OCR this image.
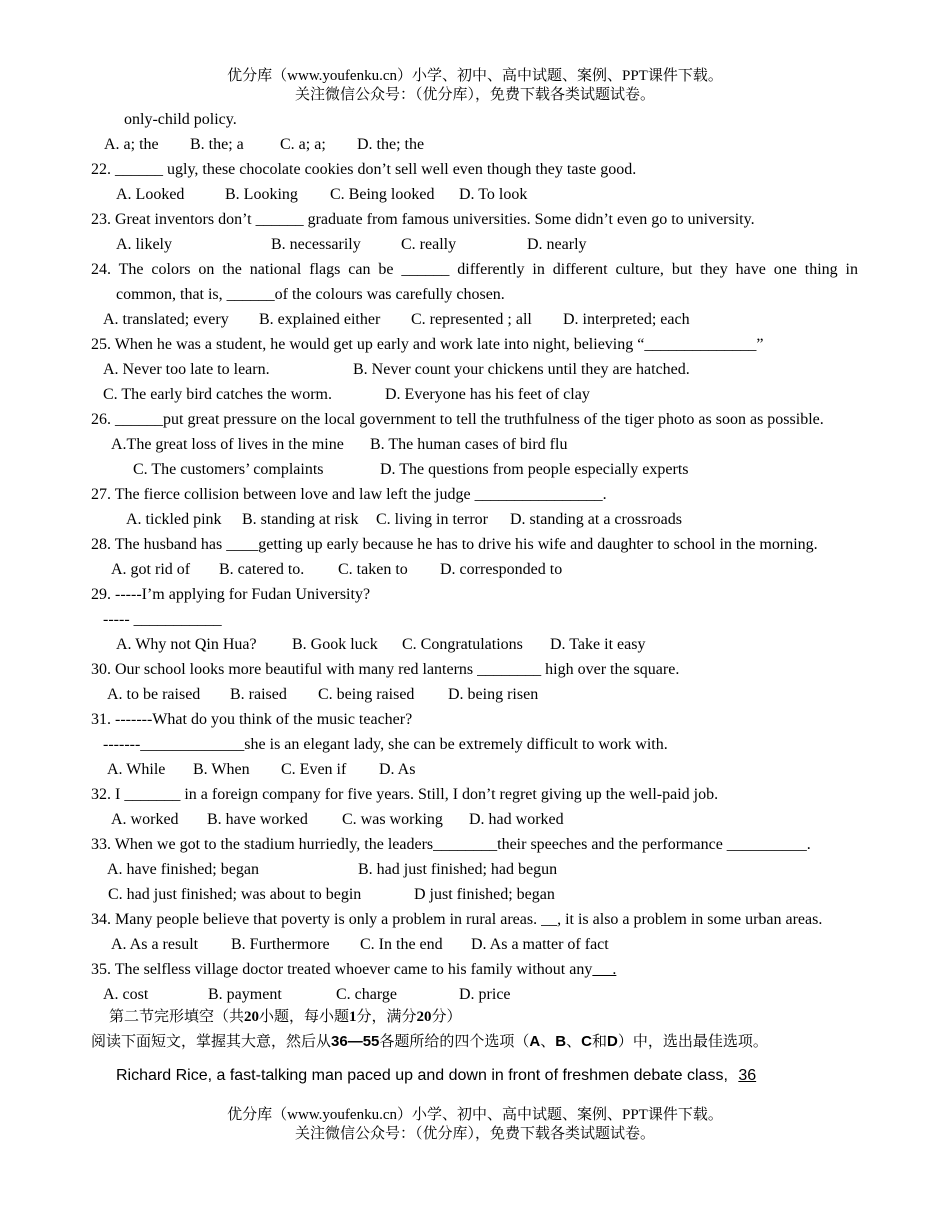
优分库（www.youfenku.cn）小学、初中、高中试题、案例、PPT课件下载。
关注微信公众号：（优分库），免费下载各类试题试卷。
only-child policy.
A. a; the B. the; a C. a; a; D. the; the
22. ______ ugly, these chocolate cookies don’t sell well even though they taste good.
A. Looked	B. Looking C. Being looked D. To look
23. Great inventors don’t ______ graduate from famous universities. Some didn’t even go to university.
A. likely	B. necessarily	C. really	D. nearly
24. The colors on the national flags can be ______ differently in different culture, but they have one thing in
common, that is, ______of the colours was carefully chosen.
A. translated; every B. explained either C. represented ; all D. interpreted; each
25. When he was a student, he would get up early and work late into night, believing “______________”
A. Never too late to learn.	B. Never count your chickens until they are hatched.
C. The early bird catches the worm.	D. Everyone has his feet of clay
26. ______put great pressure on the local government to tell the truthfulness of the tiger photo as soon as possible.
A.The great loss of lives in the mine B. The human cases of bird flu
C. The customers’ complaints	D. The questions from people especially experts
27. The fierce collision between love and law left the judge ________________.
A. tickled pink B. standing at risk C. living in terror D. standing at a crossroads
28. The husband has ____getting up early because he has to drive his wife and daughter to school in the morning.
A. got rid of B. catered to. C. taken to D. corresponded to
29. -----I’m applying for Fudan University?
----- ___________
A. Why not Qin Hua? B. Gook luck C. Congratulations D. Take it easy
30. Our school looks more beautiful with many red lanterns ________ high over the square.
A. to be raised B. raised C. being raised D. being risen
31. -------What do you think of the music teacher?
-------_____________she is an elegant lady, she can be extremely difficult to work with.
A. While B. When C. Even if D. As
32. I _______ in a foreign company for five years. Still, I don’t regret giving up the well-paid job.
A. worked B. have worked C. was working D. had worked
33. When we got to the stadium hurriedly, the leaders________their speeches and the performance __________.
A. have finished; began	B. had just finished; had begun
C. had just finished; was about to begin	D just finished; began
34. Many people believe that poverty is only a problem in rural areas. __, it is also a problem in some urban areas.
A. As a result B. Furthermore C. In the end D. As a matter of fact
35. The selfless village doctor treated whoever came to his family without any     .
A. cost	B. payment	C. charge	D. price
第二节完形填空（共20小题，每小题1分，满分20分）
阅读下面短文，掌握其大意，然后从36—55各题所给的四个选项（A、B、C和D）中，选出最佳选项。
Richard Rice, a fast-talking man paced up and down in front of freshmen debate class, 36
优分库（www.youfenku.cn）小学、初中、高中试题、案例、PPT课件下载。
关注微信公众号：（优分库），免费下载各类试题试卷。
